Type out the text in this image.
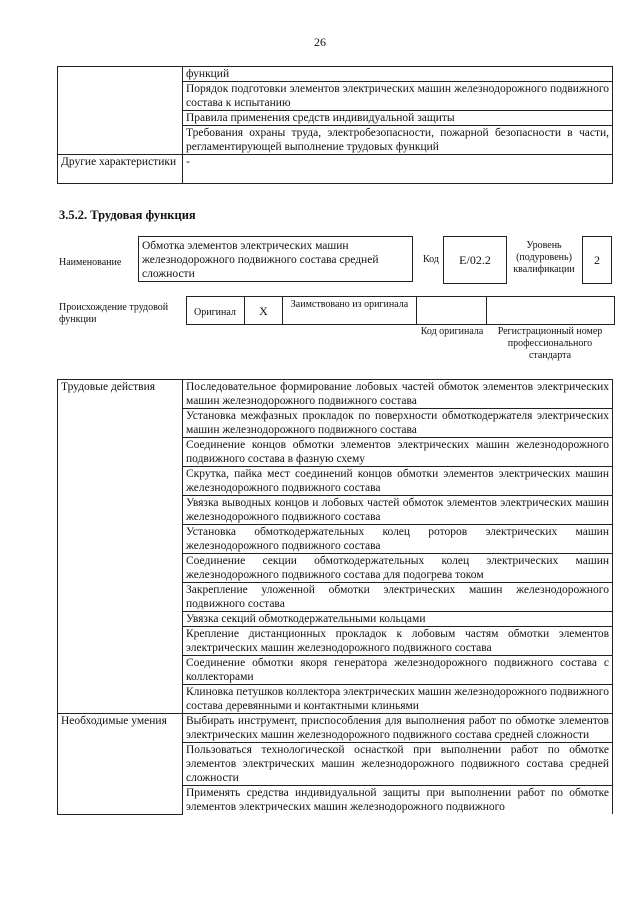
26
	функций
	Порядок подготовки элементов электрических машин железнодорожного подвижного состава к испытанию
	Правила применения средств индивидуальной защиты
	Требования охраны труда, электробезопасности, пожарной безопасности в части, регламентирующей выполнение трудовых функций
Другие характеристики	-
3.5.2. Трудовая функция
Наименование
Обмотка элементов электрических машин железнодорожного подвижного состава средней сложности
Код	E/02.2
Уровень (подуровень) квалификации
2
Происхождение трудовой функции
Оригинал	X	Заимствовано из оригинала
Код оригинала	Регистрационный номер профессионального стандарта
Трудовые действия	Последовательное формирование лобовых частей обмоток элементов электрических машин железнодорожного подвижного состава
	Установка межфазных прокладок по поверхности обмоткодержателя электрических машин железнодорожного подвижного состава
	Соединение концов обмотки элементов электрических машин железнодорожного подвижного состава в фазную схему
	Скрутка, пайка мест соединений концов обмотки элементов электрических машин железнодорожного подвижного состава
	Увязка выводных концов и лобовых частей обмоток элементов электрических машин железнодорожного подвижного состава
	Установка обмоткодержательных колец роторов электрических машин железнодорожного подвижного состава
	Соединение секции обмоткодержательных колец электрических машин железнодорожного подвижного состава для подогрева током
	Закрепление уложенной обмотки электрических машин железнодорожного подвижного состава
	Увязка секций обмоткодержательными кольцами
	Крепление дистанционных прокладок к лобовым частям обмотки элементов электрических машин железнодорожного подвижного состава
	Соединение обмотки якоря генератора железнодорожного подвижного состава с коллекторами
	Клиновка петушков коллектора электрических машин железнодорожного подвижного состава деревянными и контактными клиньями
Необходимые умения	Выбирать инструмент, приспособления для выполнения работ по обмотке элементов электрических машин железнодорожного подвижного состава средней сложности
	Пользоваться технологической оснасткой при выполнении работ по обмотке элементов электрических машин железнодорожного подвижного состава средней сложности
	Применять средства индивидуальной защиты при выполнении работ по обмотке элементов электрических машин железнодорожного подвижного
